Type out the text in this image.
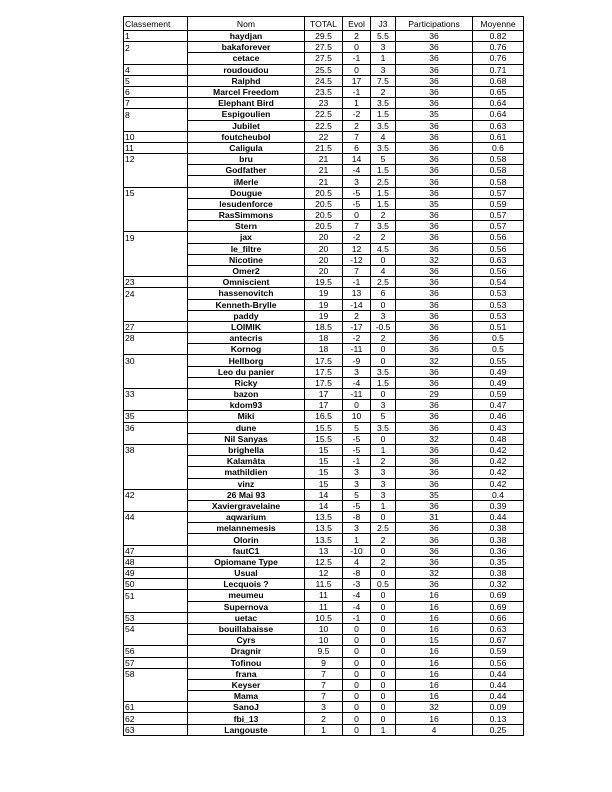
Classement	Nom	TOTAL	Evol	J3	Participations	Moyenne
1	haydjan	29.5	2	5.5	36	0.82
2	bakaforever	27.5	0	3	36	0.76
	cetace	27.5	-1	1	36	0.76
4	roudoudou	25.5	0	3	36	0.71
5	Ralphd	24.5	17	7.5	36	0.68
6	Marcel Freedom	23.5	-1	2	36	0.65
7	Elephant Bird	23	1	3.5	36	0.64
8	Espigoulien	22.5	-2	1.5	35	0.64
	Jubilet	22.5	2	3.5	36	0.63
10	foutcheubol	22	7	4	36	0.61
11	Caligula	21.5	6	3.5	36	0.6
12	bru	21	14	5	36	0.58
	Godfather	21	-4	1.5	36	0.58
	iMerle	21	3	2.5	36	0.58
15	Dougue	20.5	-5	1.5	36	0.57
	lesudenforce	20.5	-5	1.5	35	0.59
	RasSimmons	20.5	0	2	36	0.57
	Stern	20.5	7	3.5	36	0.57
19	jax	20	-2	2	36	0.56
	le_filtre	20	12	4.5	36	0.56
	Nicotine	20	-12	0	32	0.63
	Omer2	20	7	4	36	0.56
23	Omniscient	19.5	-1	2.5	36	0.54
24	hassenovitch	19	13	6	36	0.53
	Kenneth-Brylle	19	-14	0	36	0.53
	paddy	19	2	3	36	0.53
27	LOIMIK	18.5	-17	-0.5	36	0.51
28	antecris	18	-2	2	36	0.5
	Kornog	18	-11	0	36	0.5
30	Hellborg	17.5	-9	0	32	0.55
	Leo du panier	17.5	3	3.5	36	0.49
	Ricky	17.5	-4	1.5	36	0.49
33	bazon	17	-11	0	29	0.59
	kdom93	17	0	3	36	0.47
35	Miki	16.5	10	5	36	0.46
36	dune	15.5	5	3.5	36	0.43
	Nil Sanyas	15.5	-5	0	32	0.48
38	brighella	15	-5	1	36	0.42
	Kalamâta	15	-1	2	36	0.42
	mathildien	15	3	3	36	0.42
	vinz	15	3	3	36	0.42
42	26 Mai 93	14	5	3	35	0.4
	Xaviergravelaine	14	-5	1	36	0.39
44	aqwarium	13.5	-8	0	31	0.44
	melannemesis	13.5	3	2.5	36	0.38
	Olorin	13.5	1	2	36	0.38
47	fautC1	13	-10	0	36	0.36
48	Opiomane Type	12.5	4	2	36	0.35
49	Usual	12	-8	0	32	0.38
50	Lecquois ?	11.5	-3	0.5	36	0.32
51	meumeu	11	-4	0	16	0.69
	Supernova	11	-4	0	16	0.69
53	uetac	10.5	-1	0	16	0.66
54	bouillabaisse	10	0	0	16	0.63
	Cyrs	10	0	0	15	0.67
56	Dragnir	9.5	0	0	16	0.59
57	Tofinou	9	0	0	16	0.56
58	frana	7	0	0	16	0.44
	Keyser	7	0	0	16	0.44
	Mama	7	0	0	16	0.44
61	SanoJ	3	0	0	32	0.09
62	fbi_13	2	0	0	16	0.13
63	Langouste	1	0	1	4	0.25
